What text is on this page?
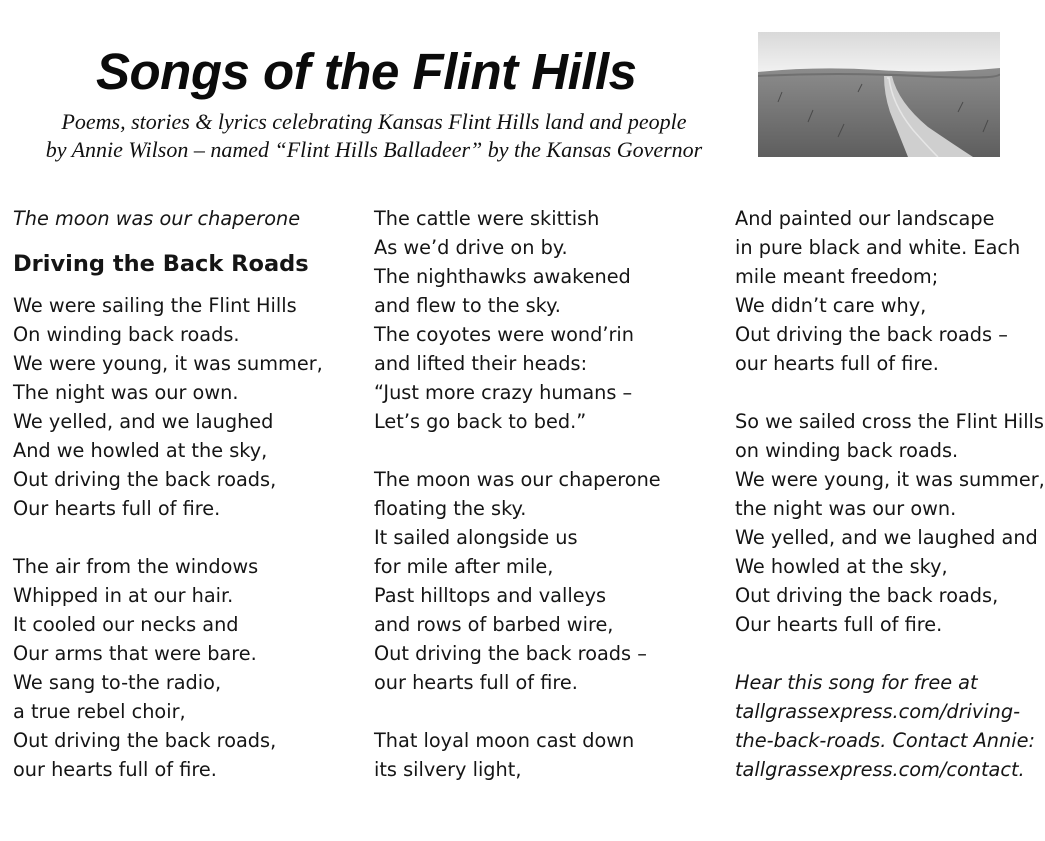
Songs of the Flint Hills

Poems, stories & lyrics celebrating Kansas Flint Hills land and people

by Annie Wilson – named “Flint Hills Balladeer” by the Kansas Governor

The moon was our chaperone
Driving the Back Roads
We were sailing the Flint Hills
On winding back roads.
We were young, it was summer,
The night was our own.
We yelled, and we laughed
And we howled at the sky,
Out driving the back roads,
Our hearts full of fire.
The air from the windows
Whipped in at our hair.
It cooled our necks and
Our arms that were bare.
We sang to-the radio,
a true rebel choir,
Out driving the back roads,
our hearts full of fire.
The cattle were skittish
As we’d drive on by.
The nighthawks awakened
and flew to the sky.
The coyotes were wond’rin
and lifted their heads:
“Just more crazy humans –
Let’s go back to bed.”
The moon was our chaperone
floating the sky.
It sailed alongside us
for mile after mile,
Past hilltops and valleys
and rows of barbed wire,
Out driving the back roads –
our hearts full of fire.
That loyal moon cast down
its silvery light,
And painted our landscape
in pure black and white. Each
mile meant freedom;
We didn’t care why,
Out driving the back roads –
our hearts full of fire.
So we sailed cross the Flint Hills
on winding back roads.
We were young, it was summer,
the night was our own.
We yelled, and we laughed and
We howled at the sky,
Out driving the back roads,
Our hearts full of fire.
Hear this song for free at
tallgrassexpress.com/driving-
the-back-roads. Contact Annie:
tallgrassexpress.com/contact.
